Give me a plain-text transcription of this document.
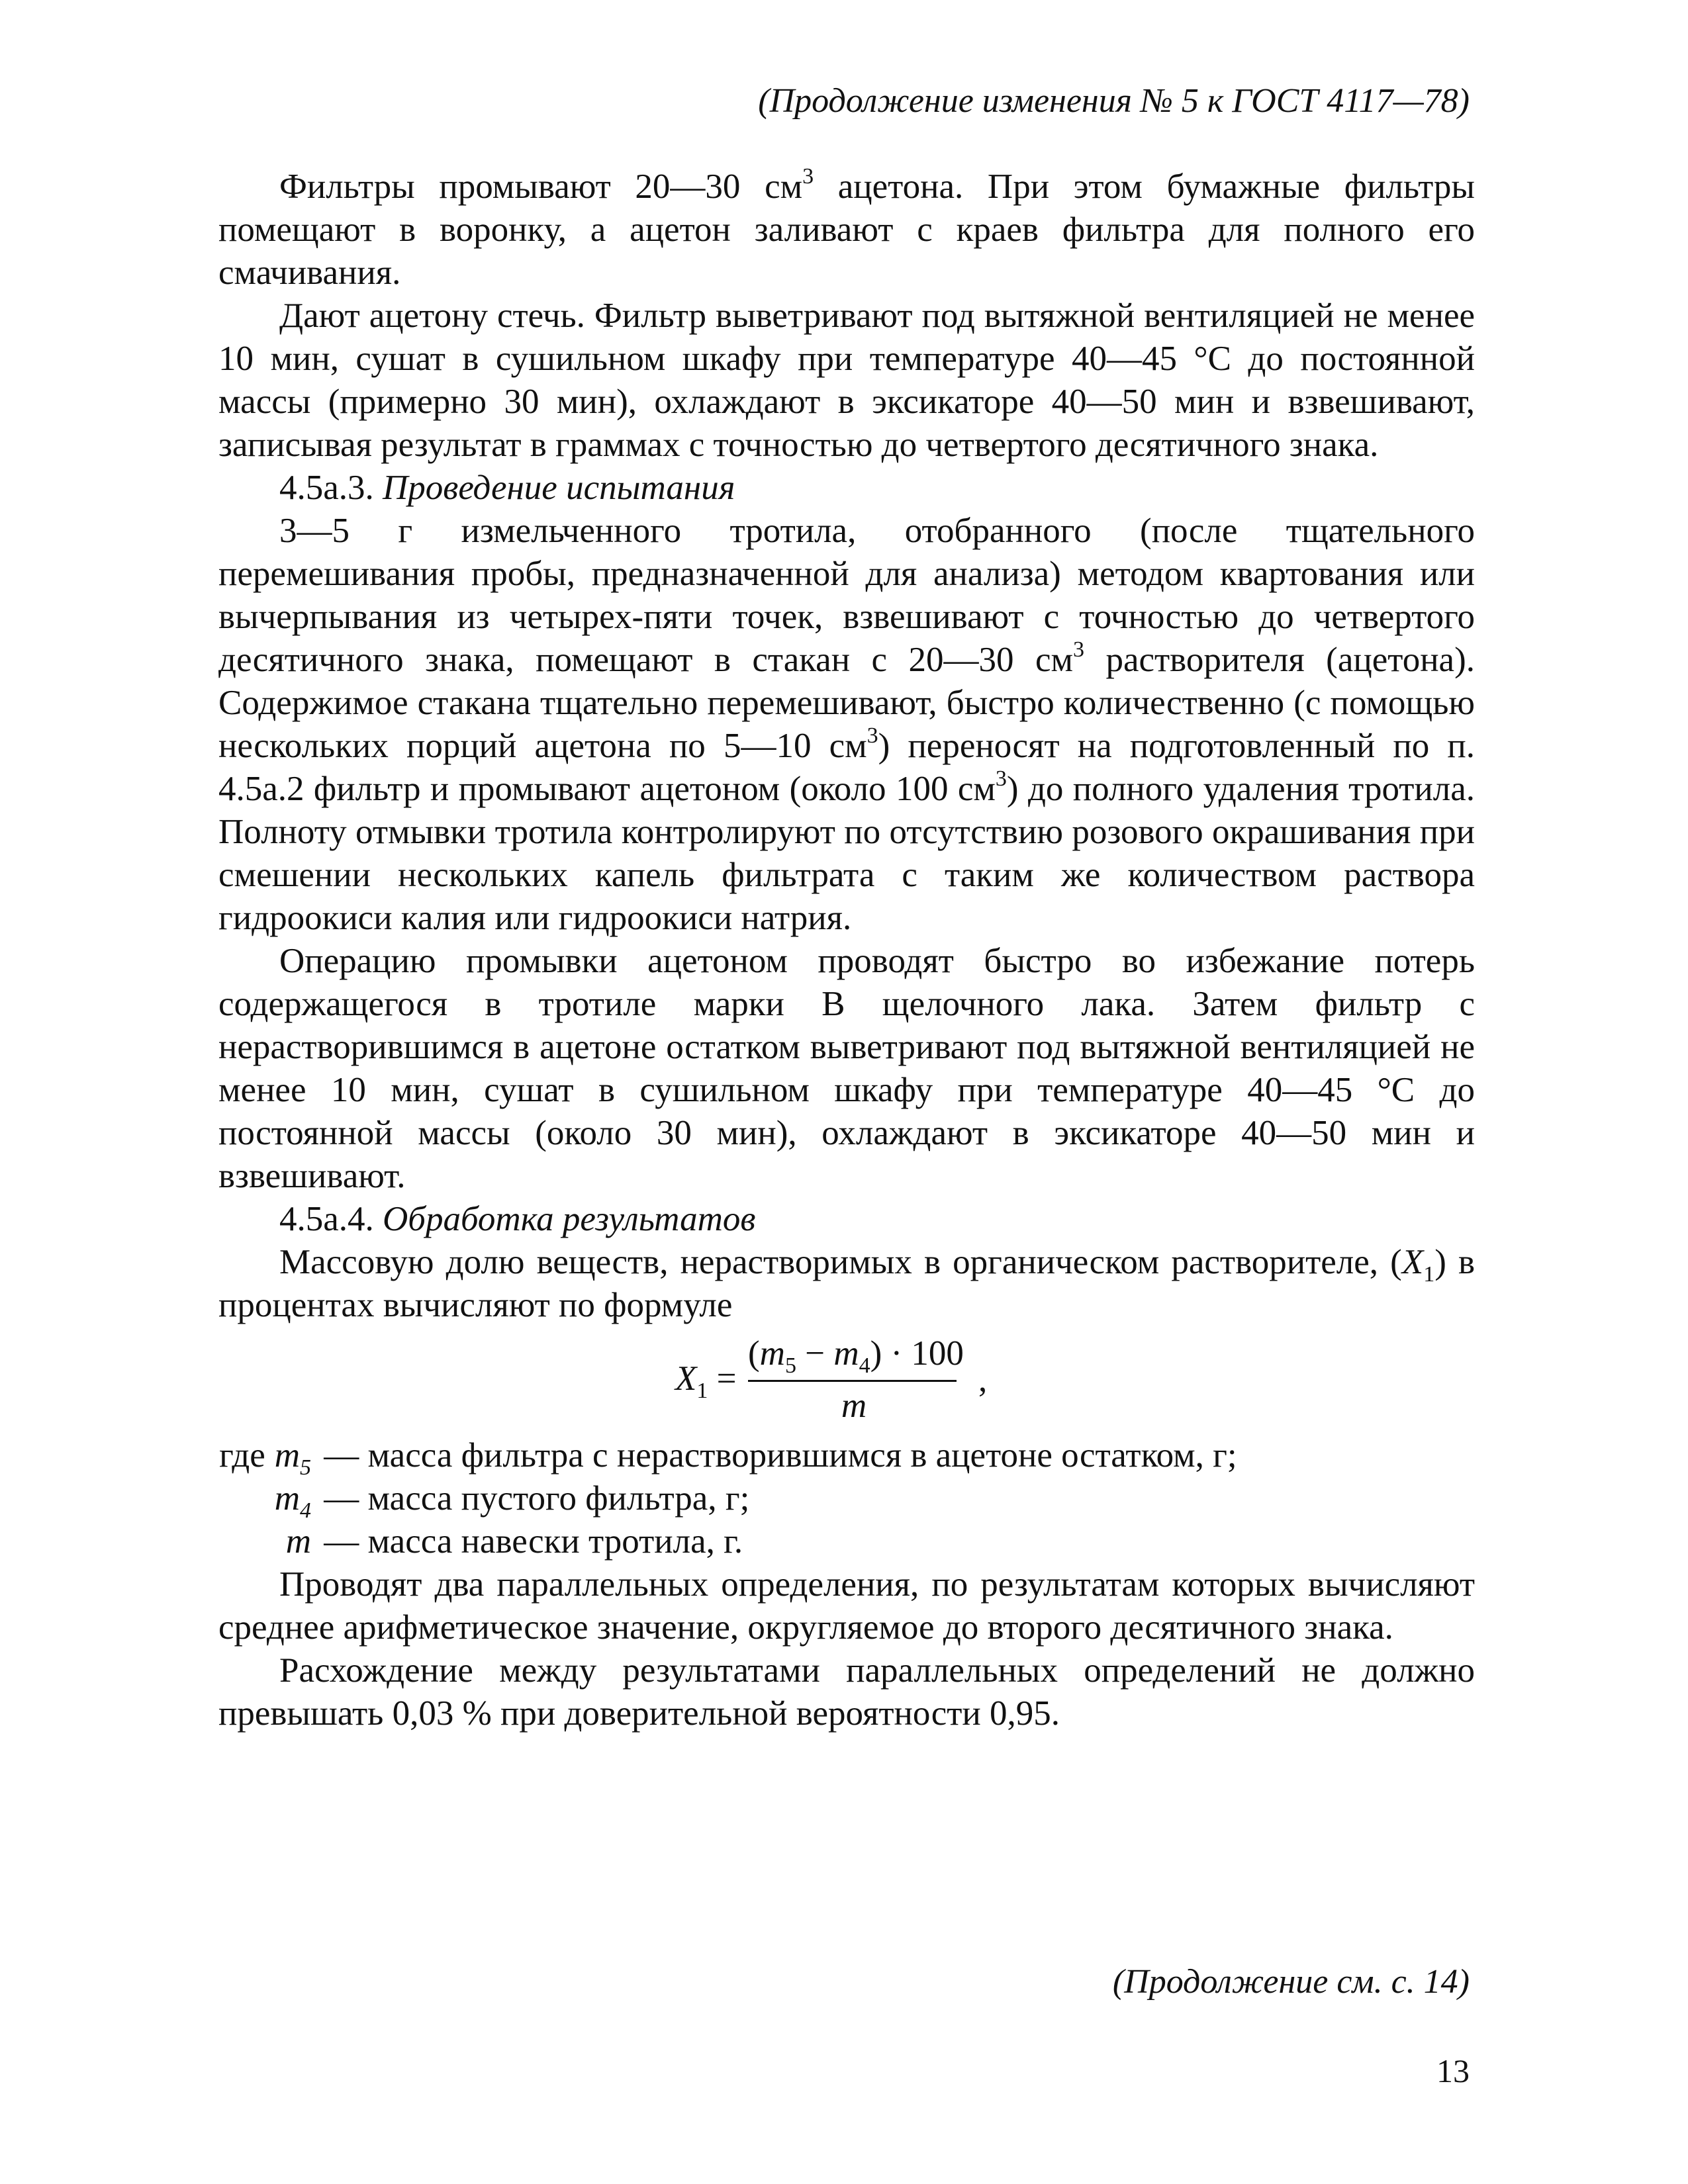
(Продолжение изменения № 5 к ГОСТ 4117—78)

Фильтры промывают 20—30 $см^3$ ацетона. При этом бумажные фильтры помещают в воронку, а ацетон заливают с краев фильтра для полного его смачивания.

Дают ацетону стечь. Фильтр выветривают под вытяжной вентиляцией не менее 10 мин, сушат в сушильном шкафу при температуре 40—45 °С до постоянной массы (примерно 30 мин), охлаждают в эксикаторе 40—50 мин и взвешивают, записывая результат в граммах с точностью до четвертого десятичного знака.

4.5а.3. Проведение испытания

3—5 г измельченного тротила, отобранного (после тщательного перемешивания пробы, предназначенной для анализа) методом квартования или вычерпывания из четырех-пяти точек, взвешивают с точностью до четвертого десятичного знака, помещают в стакан с 20—30 $см^3$ растворителя (ацетона). Содержимое стакана тщательно перемешивают, быстро количественно (с помощью нескольких порций ацетона по 5—10 $см^3$) переносят на подготовленный по п. 4.5а.2 фильтр и промывают ацетоном (около 100 $см^3$) до полного удаления тротила. Полноту отмывки тротила контролируют по отсутствию розового окрашивания при смешении нескольких капель фильтрата с таким же количеством раствора гидроокиси калия или гидроокиси натрия.

Операцию промывки ацетоном проводят быстро во избежание потерь содержащегося в тротиле марки В щелочного лака. Затем фильтр с нерастворившимся в ацетоне остатком выветривают под вытяжной вентиляцией не менее 10 мин, сушат в сушильном шкафу при температуре 40—45 °С до постоянной массы (около 30 мин), охлаждают в эксикаторе 40—50 мин и взвешивают.

4.5а.4. Обработка результатов

Массовую долю веществ, нерастворимых в органическом растворителе, $(X_1)$ в процентах вычисляют по формуле

$X_1$ =
$(m_5 - m_4) \cdot 100$
m
,
где $m_5$ — масса фильтра с нерастворившимся в ацетоне остатком, г;
$m_4$ — масса пустого фильтра, г;
m — масса навески тротила, г.

Проводят два параллельных определения, по результатам которых вычисляют среднее арифметическое значение, округляемое до второго десятичного знака.

Расхождение между результатами параллельных определений не должно превышать 0,03 % при доверительной вероятности 0,95.

(Продолжение см. с. 14)
13
